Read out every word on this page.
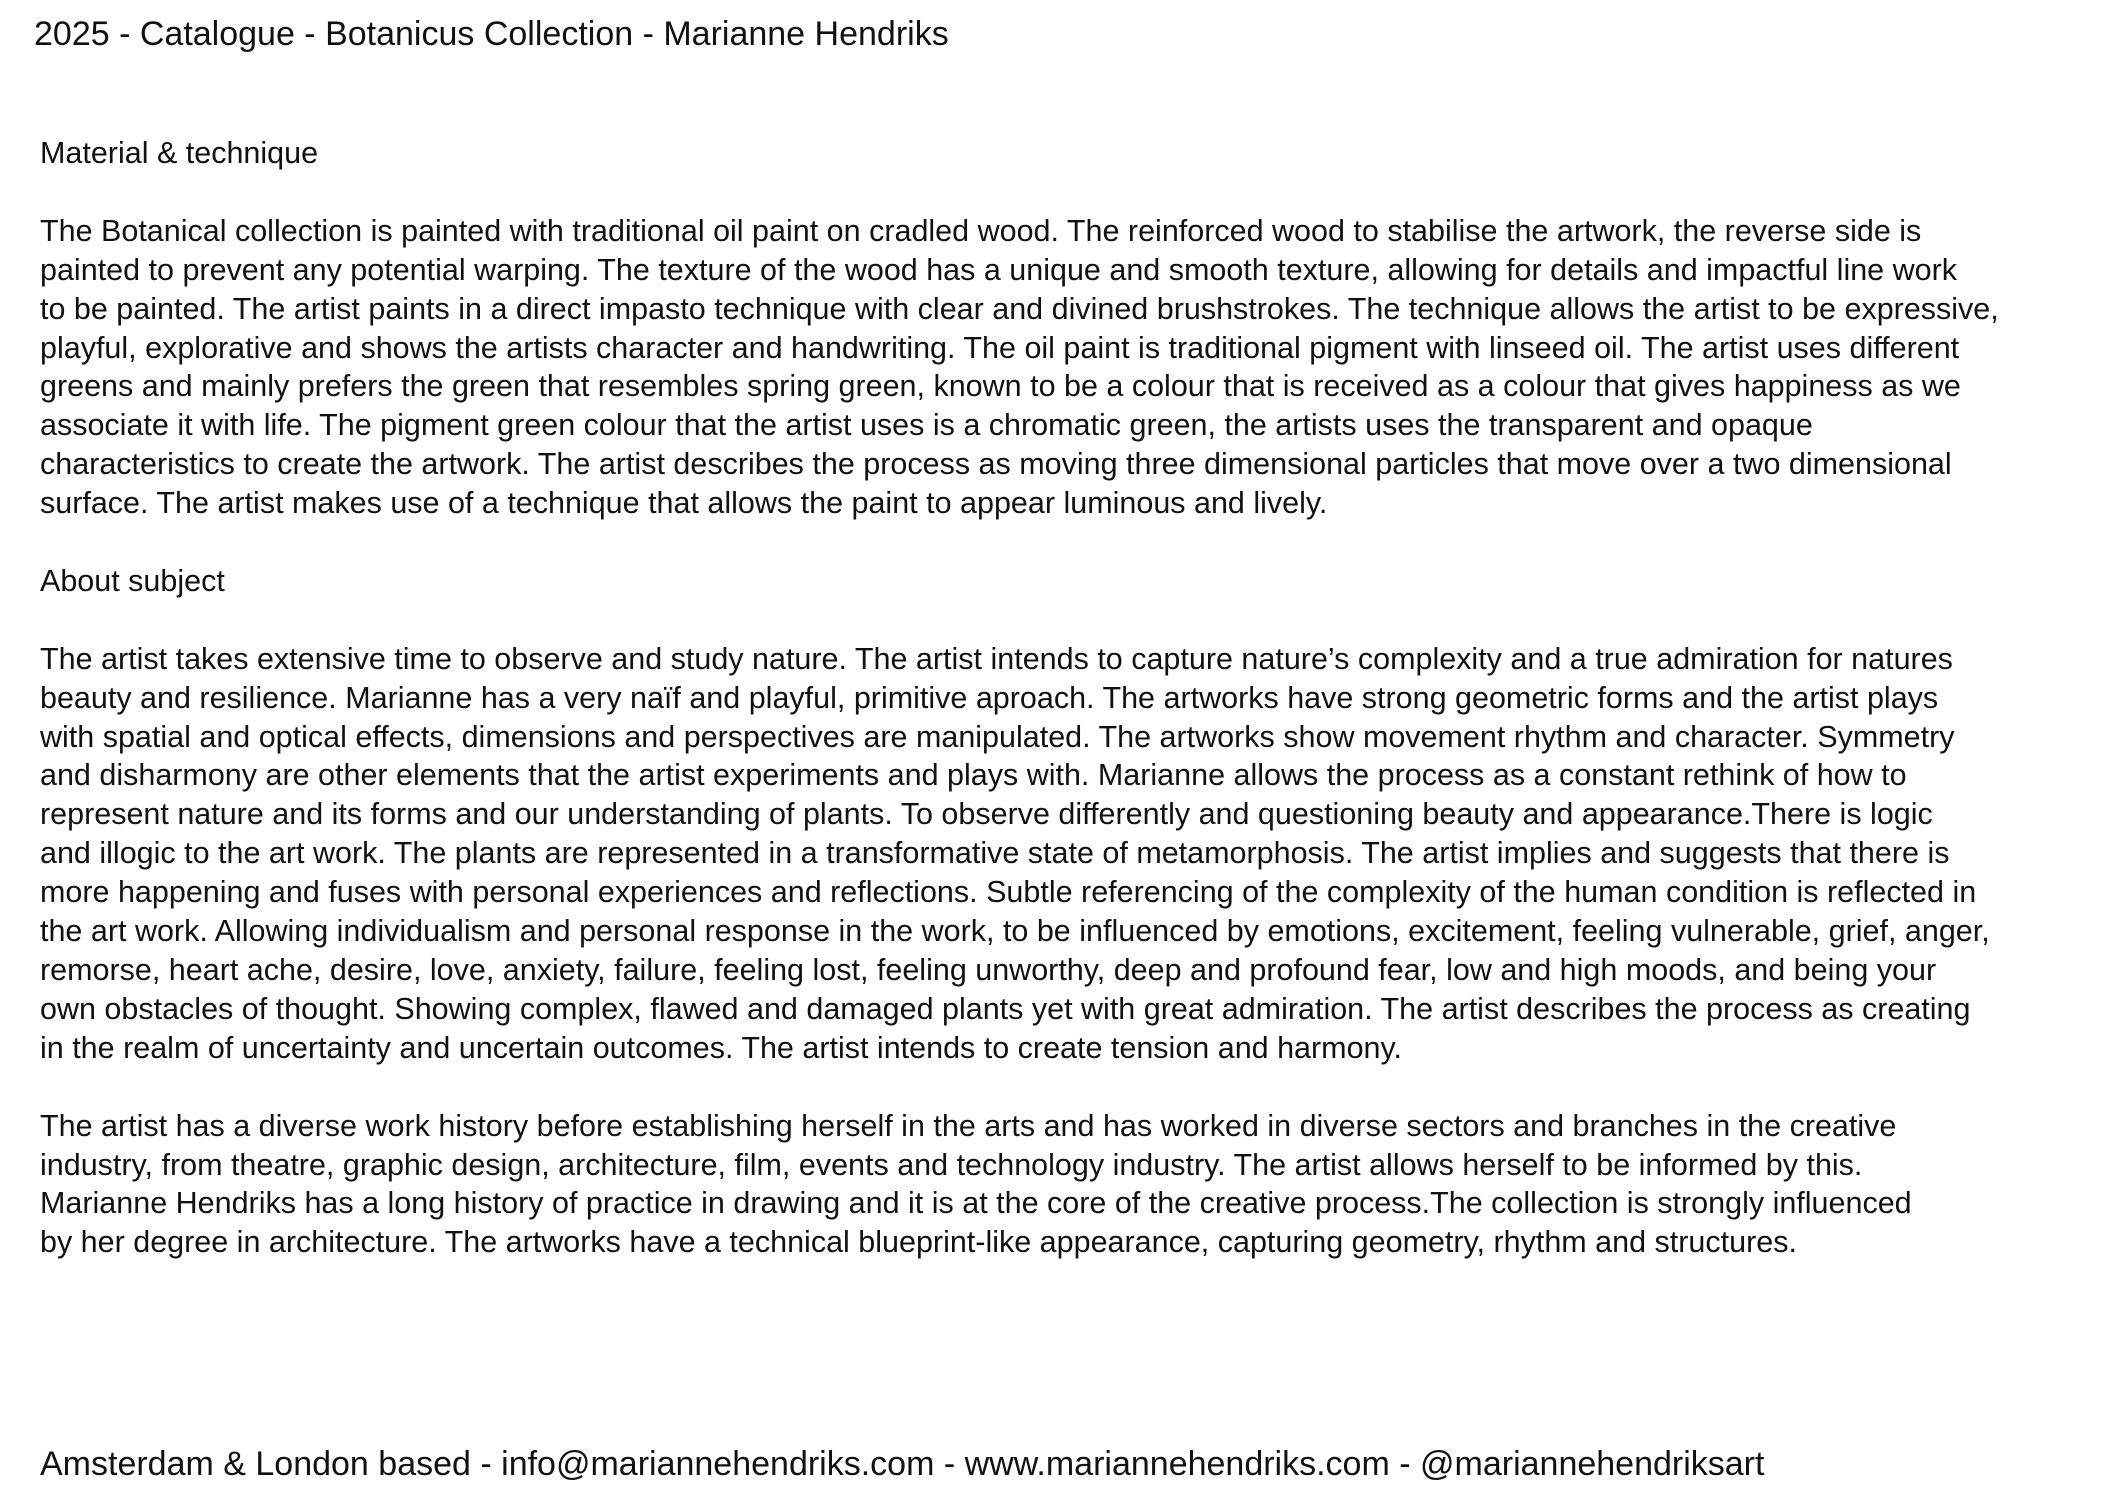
2025 - Catalogue - Botanicus Collection - Marianne Hendriks
Material & technique
The Botanical collection is painted with traditional oil paint on cradled wood. The reinforced wood to stabilise the artwork, the reverse side is
painted to prevent any potential warping. The texture of the wood has a unique and smooth texture, allowing for details and impactful line work
to be painted. The artist paints in a direct impasto technique with clear and divined brushstrokes. The technique allows the artist to be expressive,
playful, explorative and shows the artists character and handwriting. The oil paint is traditional pigment with linseed oil. The artist uses different
greens and mainly prefers the green that resembles spring green, known to be a colour that is received as a colour that gives happiness as we
associate it with life. The pigment green colour that the artist uses is a chromatic green, the artists uses the transparent and opaque
characteristics to create the artwork. The artist describes the process as moving three dimensional particles that move over a two dimensional
surface. The artist makes use of a technique that allows the paint to appear luminous and lively.
About subject
The artist takes extensive time to observe and study nature. The artist intends to capture nature’s complexity and a true admiration for natures
beauty and resilience. Marianne has a very naïf and playful, primitive aproach. The artworks have strong geometric forms and the artist plays
with spatial and optical effects, dimensions and perspectives are manipulated. The artworks show movement rhythm and character. Symmetry
and disharmony are other elements that the artist experiments and plays with. Marianne allows the process as a constant rethink of how to
represent nature and its forms and our understanding of plants. To observe differently and questioning beauty and appearance.There is logic
and illogic to the art work. The plants are represented in a transformative state of metamorphosis. The artist implies and suggests that there is
more happening and fuses with personal experiences and reflections. Subtle referencing of the complexity of the human condition is reflected in
the art work. Allowing individualism and personal response in the work, to be influenced by emotions, excitement, feeling vulnerable, grief, anger,
remorse, heart ache, desire, love, anxiety, failure, feeling lost, feeling unworthy, deep and profound fear, low and high moods, and being your
own obstacles of thought. Showing complex, flawed and damaged plants yet with great admiration. The artist describes the process as creating
in the realm of uncertainty and uncertain outcomes. The artist intends to create tension and harmony.
The artist has a diverse work history before establishing herself in the arts and has worked in diverse sectors and branches in the creative
industry, from theatre, graphic design, architecture, film, events and technology industry. The artist allows herself to be informed by this.
Marianne Hendriks has a long history of practice in drawing and it is at the core of the creative process.The collection is strongly influenced
by her degree in architecture. The artworks have a technical blueprint-like appearance, capturing geometry, rhythm and structures.
Amsterdam & London based - info@mariannehendriks.com - www.mariannehendriks.com - @mariannehendriksart
